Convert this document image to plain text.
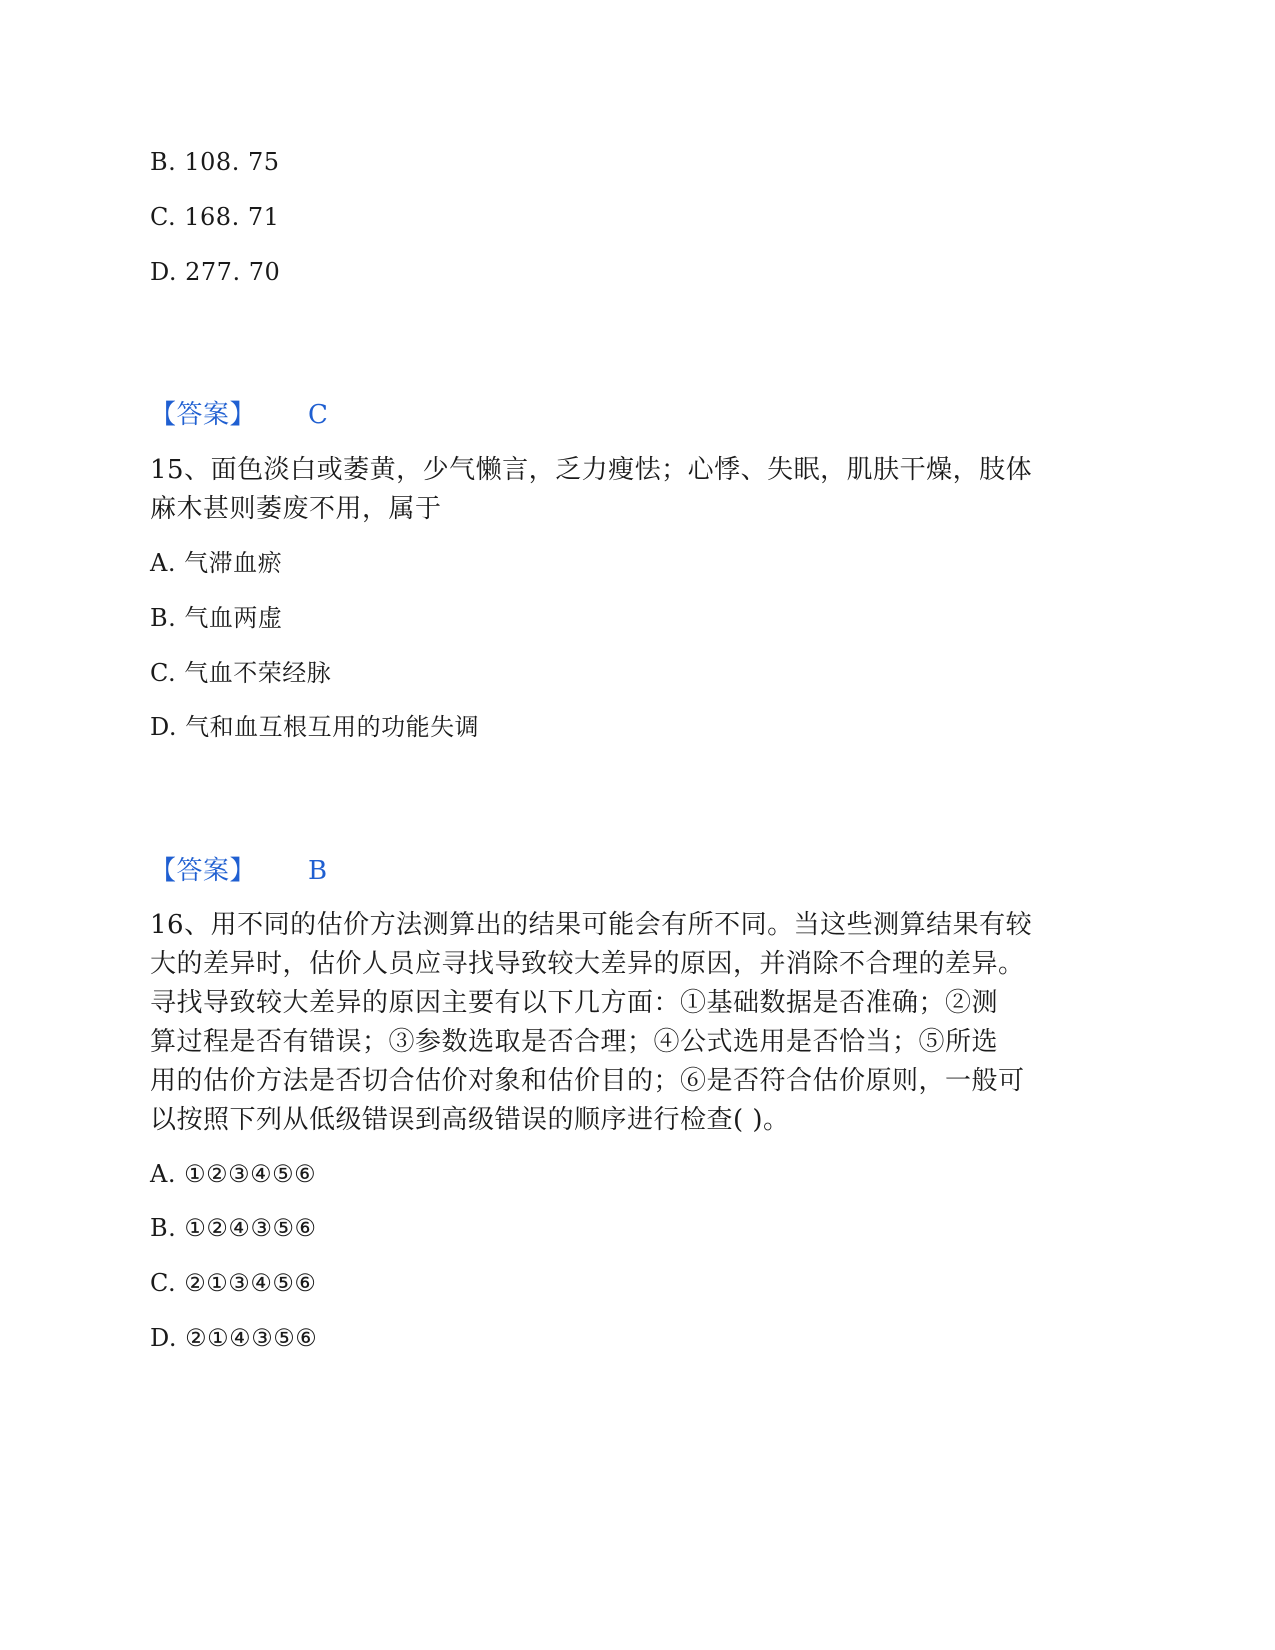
B. 108. 75
C. 168. 71
D. 277. 70
【答案】 C
15、面色淡白或萎黄，少气懒言，乏力瘦怯；心悸、失眠，肌肤干燥，肢体
麻木甚则萎废不用，属于
A. 气滞血瘀
B. 气血两虚
C. 气血不荣经脉
D. 气和血互根互用的功能失调
【答案】 B
16、用不同的估价方法测算出的结果可能会有所不同。当这些测算结果有较
大的差异时，估价人员应寻找导致较大差异的原因，并消除不合理的差异。
寻找导致较大差异的原因主要有以下几方面：①基础数据是否准确；②测
算过程是否有错误；③参数选取是否合理；④公式选用是否恰当；⑤所选
用的估价方法是否切合估价对象和估价目的；⑥是否符合估价原则，一般可
以按照下列从低级错误到高级错误的顺序进行检查( )。
A. ①②③④⑤⑥
B. ①②④③⑤⑥
C. ②①③④⑤⑥
D. ②①④③⑤⑥
